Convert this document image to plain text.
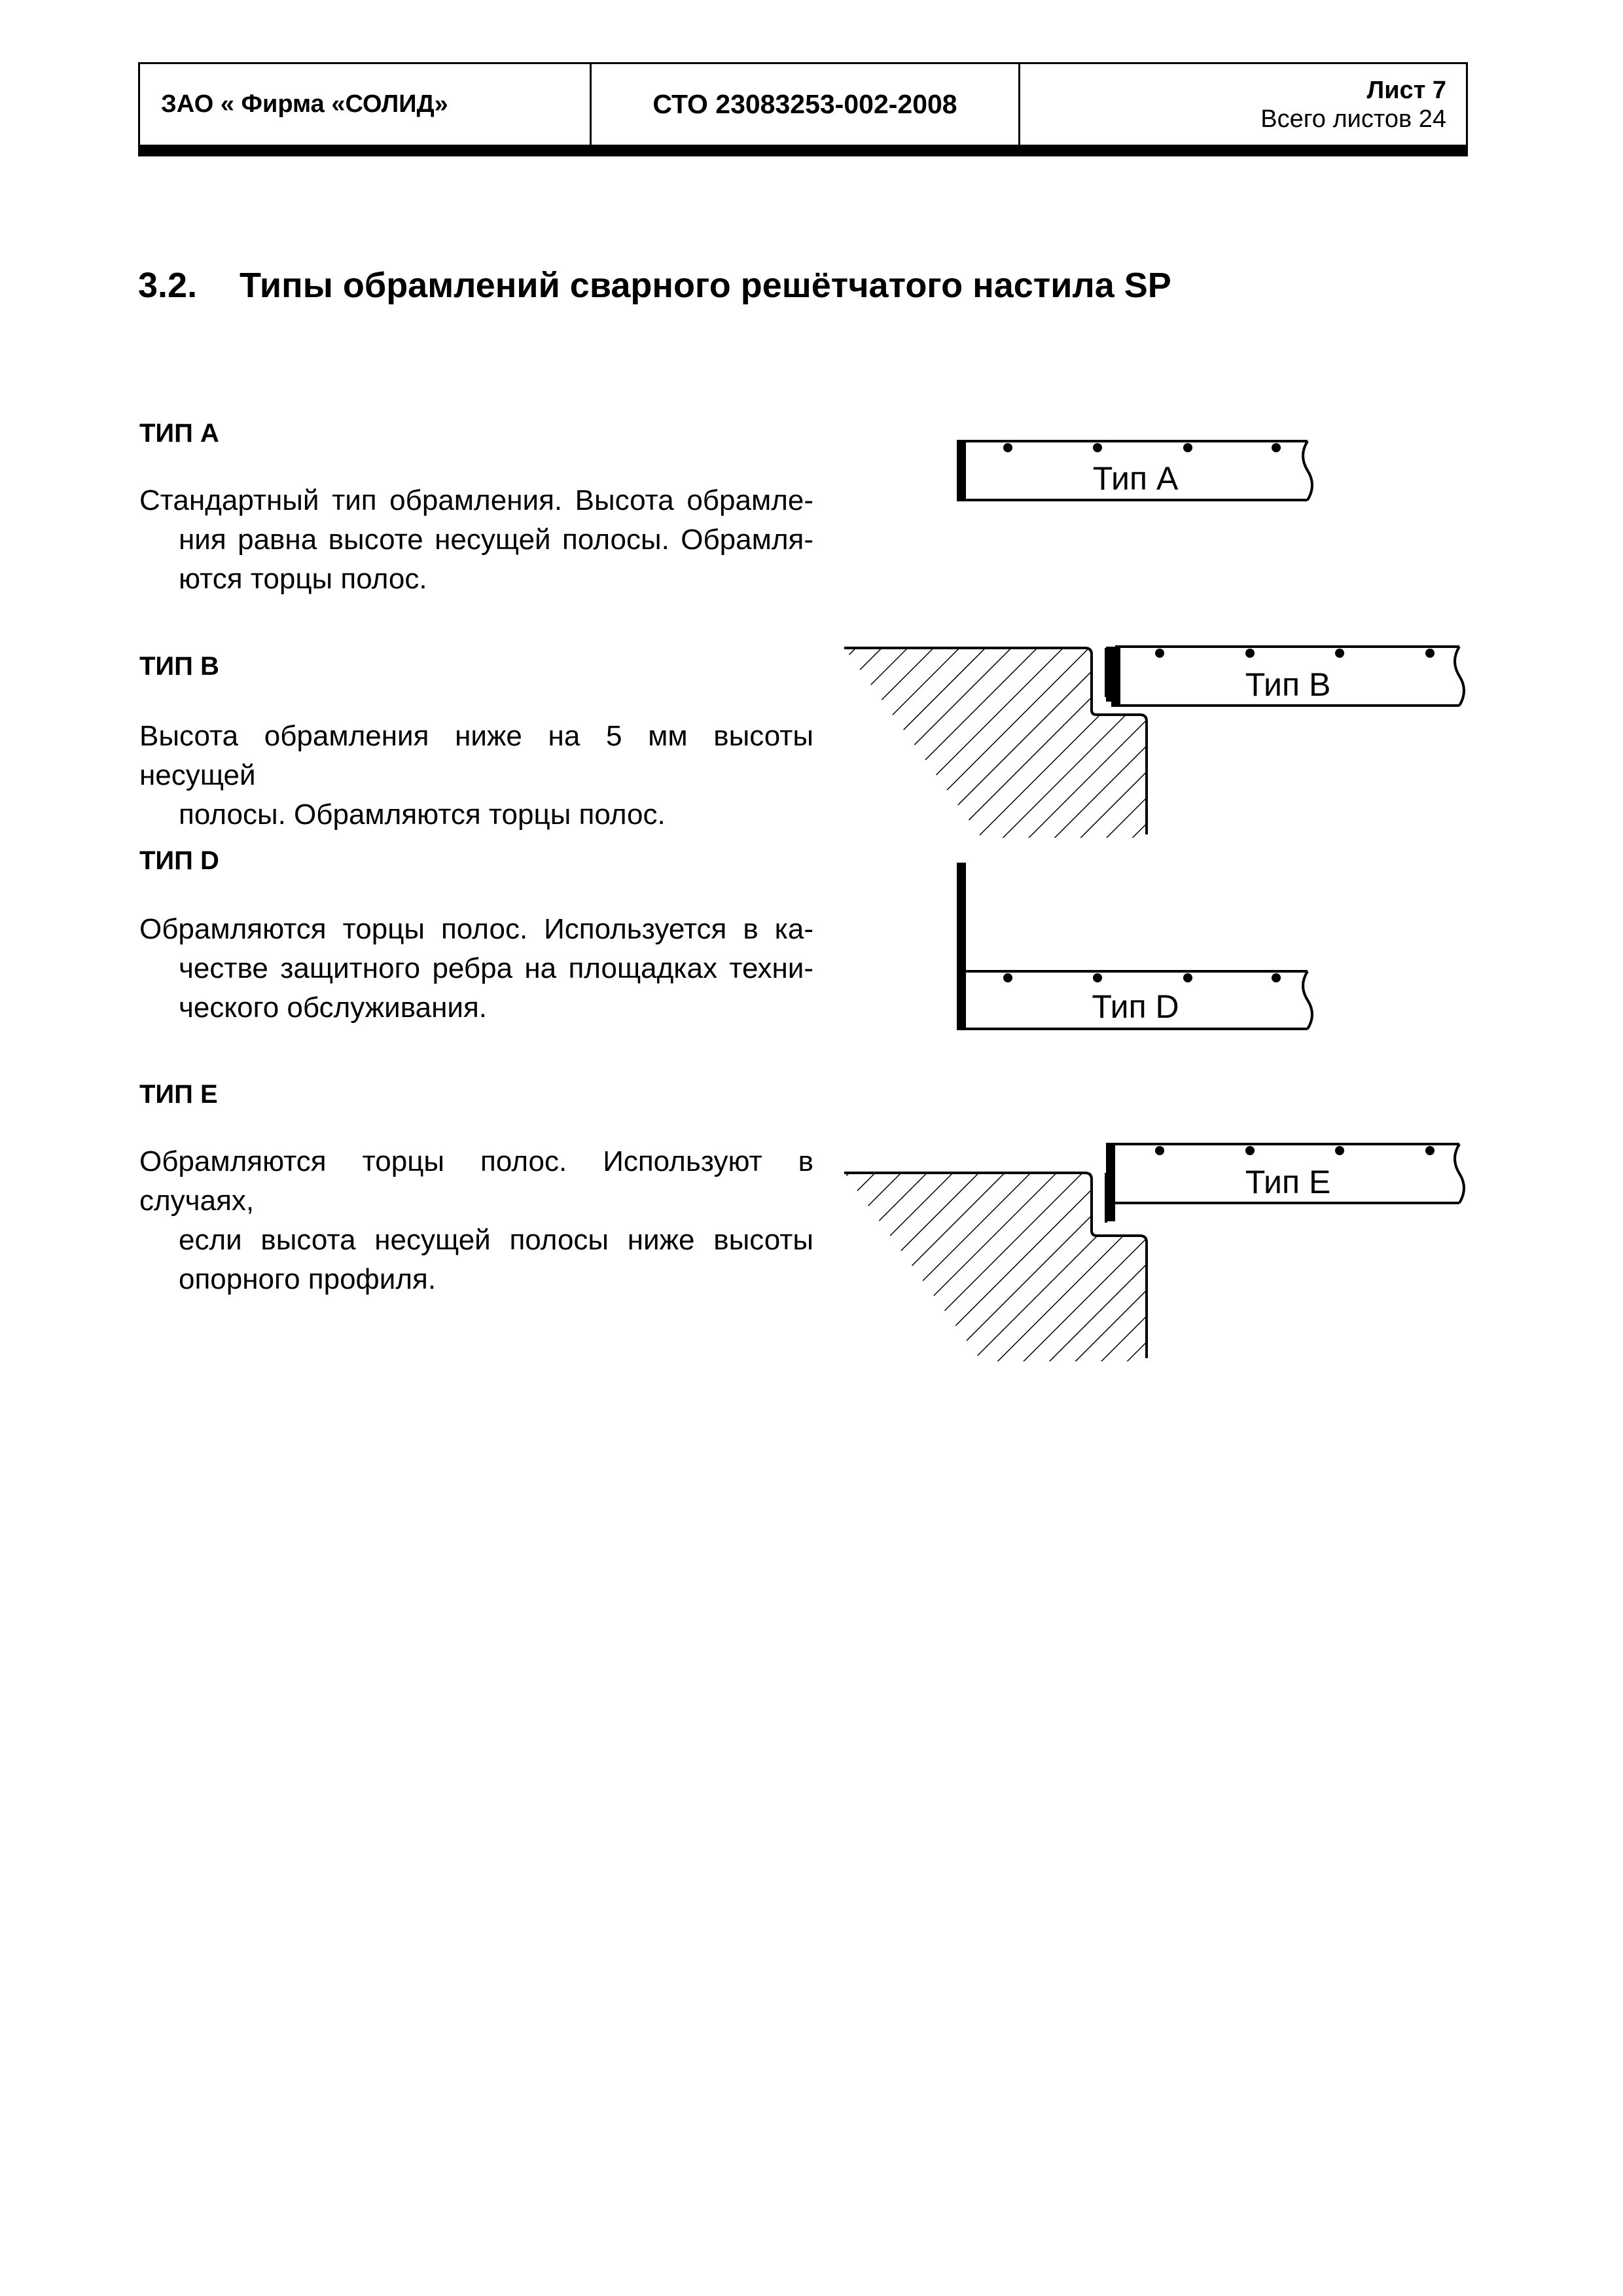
ЗАО « Фирма «СОЛИД»	СТО 23083253-002-2008	Лист 7
Всего листов 24
3.2. Типы обрамлений сварного решётчатого настила SP
ТИП А
Стандартный тип обрамления. Высота обрамле-
ния равна высоте несущей полосы. Обрамля-
ются торцы полос.
ТИП В
Высота обрамления ниже на 5 мм высоты несущей
полосы. Обрамляются торцы полос.
ТИП D
Обрамляются торцы полос. Используется в ка-
честве защитного ребра на площадках техни-
ческого обслуживания.
ТИП Е
Обрамляются торцы полос. Используют в случаях,
если высота несущей полосы ниже высоты
опорного профиля.
Тип А
Тип В
Тип D
Тип Е
